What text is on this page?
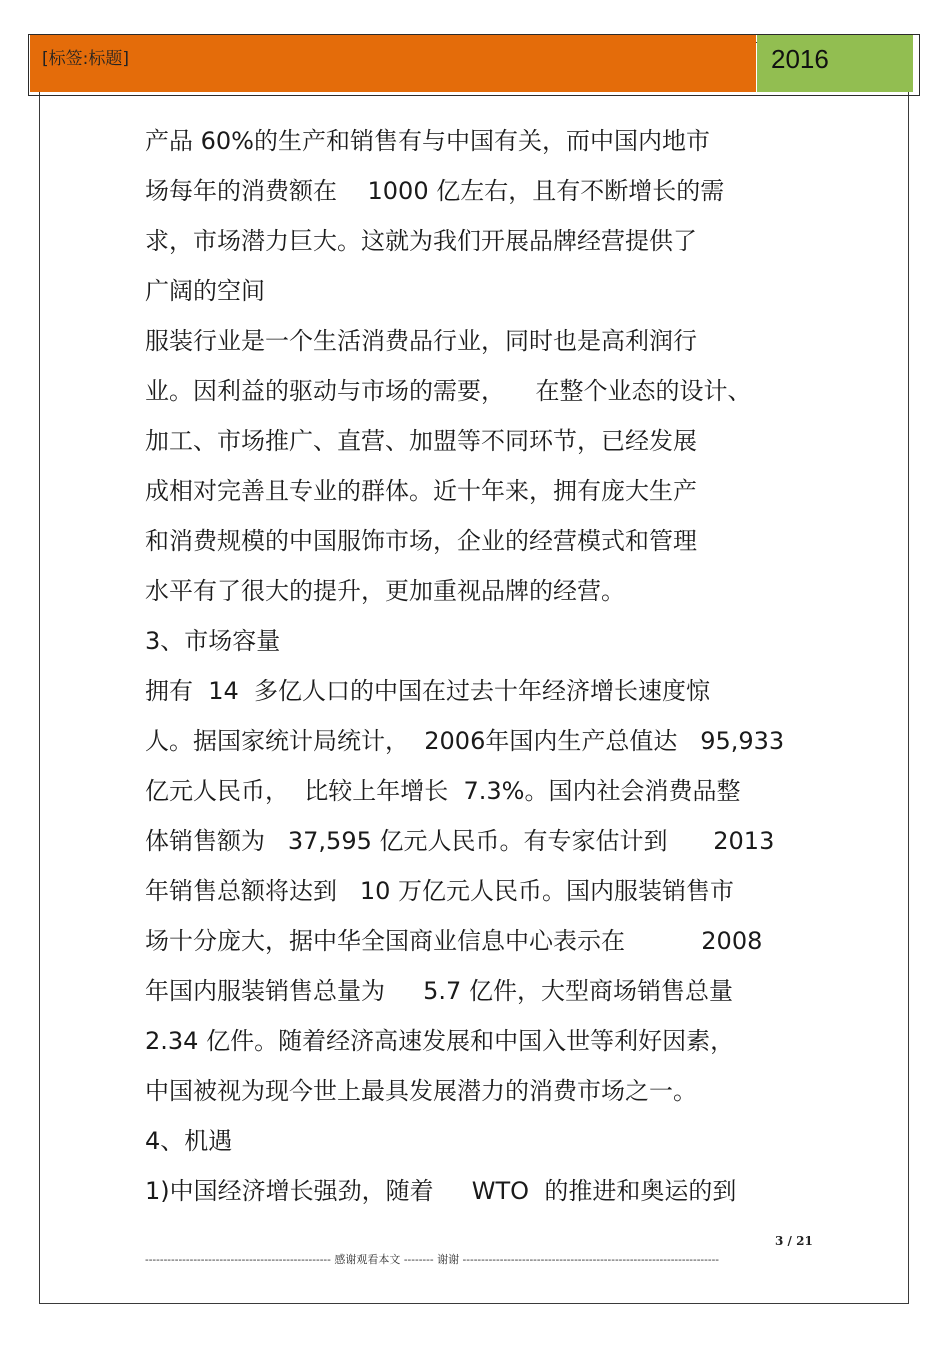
[标签:标题]	2016
产品 60%的生产和销售有与中国有关，而中国内地市
场每年的消费额在    1000 亿左右，且有不断增长的需
求，市场潜力巨大。这就为我们开展品牌经营提供了
广阔的空间
服装行业是一个生活消费品行业，同时也是高利润行
业。因利益的驱动与市场的需要，    在整个业态的设计、
加工、市场推广、直营、加盟等不同环节，已经发展
成相对完善且专业的群体。近十年来，拥有庞大生产
和消费规模的中国服饰市场，企业的经营模式和管理
水平有了很大的提升，更加重视品牌的经营。
3、市场容量
拥有  14  多亿人口的中国在过去十年经济增长速度惊
人。据国家统计局统计，  2006年国内生产总值达   95,933
亿元人民币，  比较上年增长  7.3%。国内社会消费品整
体销售额为   37,595 亿元人民币。有专家估计到      2013
年销售总额将达到   10 万亿元人民币。国内服装销售市
场十分庞大，据中华全国商业信息中心表示在          2008
年国内服装销售总量为     5.7 亿件，大型商场销售总量
2.34 亿件。随着经济高速发展和中国入世等利好因素，
中国被视为现今世上最具发展潜力的消费市场之一。
4、机遇
1)中国经济增长强劲，随着     WTO  的推进和奥运的到
3 / 21
-------------------------------------------------- 感谢观看本文 -------- 谢谢 ---------------------------------------------------------------------
